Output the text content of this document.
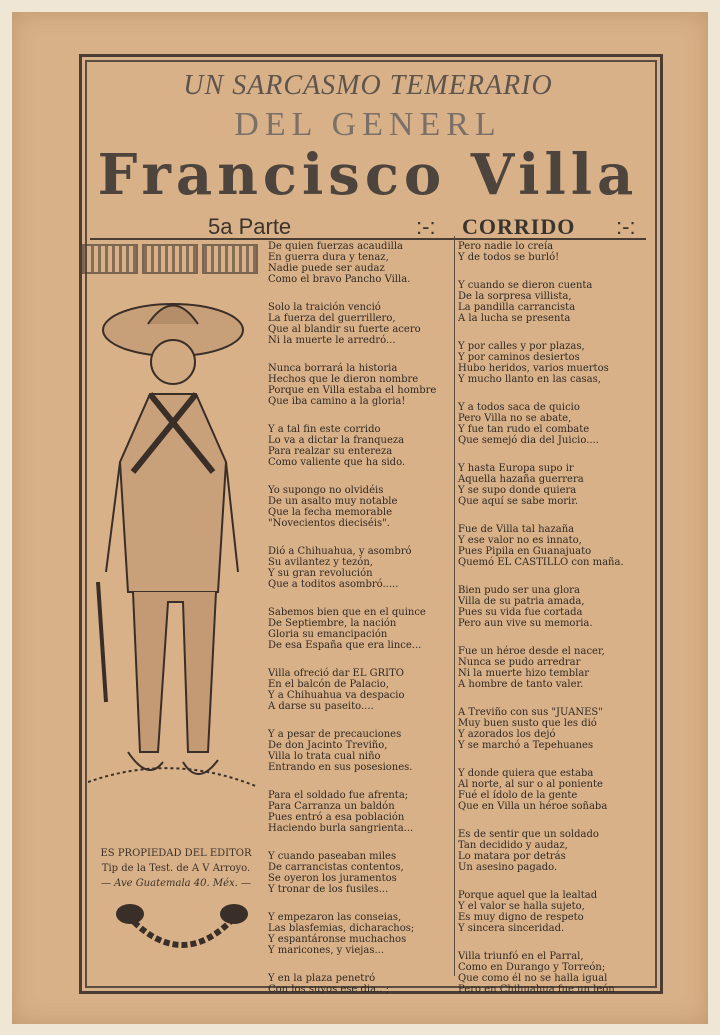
UN SARCASMO TEMERARIO
DEL GENERL
Francisco Villa
5a Parte	:-: CORRIDO :-:
De quien fuerzas acaudilla
En guerra dura y tenaz,
Nadie puede ser audaz
Como el bravo Pancho Villa.
Solo la traición venció
La fuerza del guerrillero,
Que al blandir su fuerte acero
Ni la muerte le arredró...
Nunca borrará la historia
Hechos que le dieron nombre
Porque en Villa estaba el hombre
Que iba camino a la gloria!
Y a tal fin este corrido
Lo va a dictar la franqueza
Para realzar su entereza
Como valiente que ha sido.
Yo supongo no olvidéis
De un asalto muy notable
Que la fecha memorable
"Novecientos dieciséis".
Dió a Chihuahua, y asombró
Su avilantez y tezón,
Y su gran revolución
Que a toditos asombró.....
Sabemos bien que en el quince
De Septiembre, la nación
Gloria su emancipación
De esa España que era lince...
Villa ofreció dar EL GRITO
En el balcón de Palacio,
Y a Chihuahua va despacio
A darse su paseito....
Y a pesar de precauciones
De don Jacinto Treviño,
Villa lo trata cual niño
Entrando en sus posesiones.
Para el soldado fue afrenta;
Para Carranza un baldón
Pues entró a esa población
Haciendo burla sangrienta...
Y cuando paseaban miles
De carrancistas contentos,
Se oyeron los juramentos
Y tronar de los fusiles...
Y empezaron las conseias,
Las blasfemias, dicharachos;
Y espantáronse muchachos
Y maricones, y viejas...
Y en la plaza penetró
Con los suyos ese dia.. ;
Pero nadie lo creía
Y de todos se burló!
Y cuando se dieron cuenta
De la sorpresa villista,
La pandilla carrancista
A la lucha se presenta
Y por calles y por plazas,
Y por caminos desiertos
Hubo heridos, varios muertos
Y mucho llanto en las casas,
Y a todos saca de quicio
Pero Villa no se abate,
Y fue tan rudo el combate
Que semejó dia del Juicio....
Y hasta Europa supo ir
Aquella hazaña guerrera
Y se supo donde quiera
Que aquí se sabe morir.
Fue de Villa tal hazaña
Y ese valor no es innato,
Pues Pipila en Guanajuato
Quemó EL CASTILLO con maña.
Bien pudo ser una glora
Villa de su patria amada,
Pues su vida fue cortada
Pero aun vive su memoria.
Fue un héroe desde el nacer,
Nunca se pudo arredrar
Ni la muerte hizo temblar
A hombre de tanto valer.
A Treviño con sus "JUANES"
Muy buen susto que les dió
Y azorados los dejó
Y se marchó a Tepehuanes
Y donde quiera que estaba
Al norte, al sur o al poniente
Fué el ídolo de la gente
Que en Villa un héroe soñaba
Es de sentir que un soldado
Tan decidido y audaz,
Lo matara por detrás
Un asesino pagado.
Porque aquel que la lealtad
Y el valor se halla sujeto,
Es muy digno de respeto
Y sincera sinceridad.
Villa triunfó en el Parral,
Como en Durango y Torreón;
Que como él no se halla igual
Pero en Chihuahua fue un león
ES PROPIEDAD DEL EDITOR
Tip de la Test. de A V Arroyo.
— Ave Guatemala 40. Méx. —
